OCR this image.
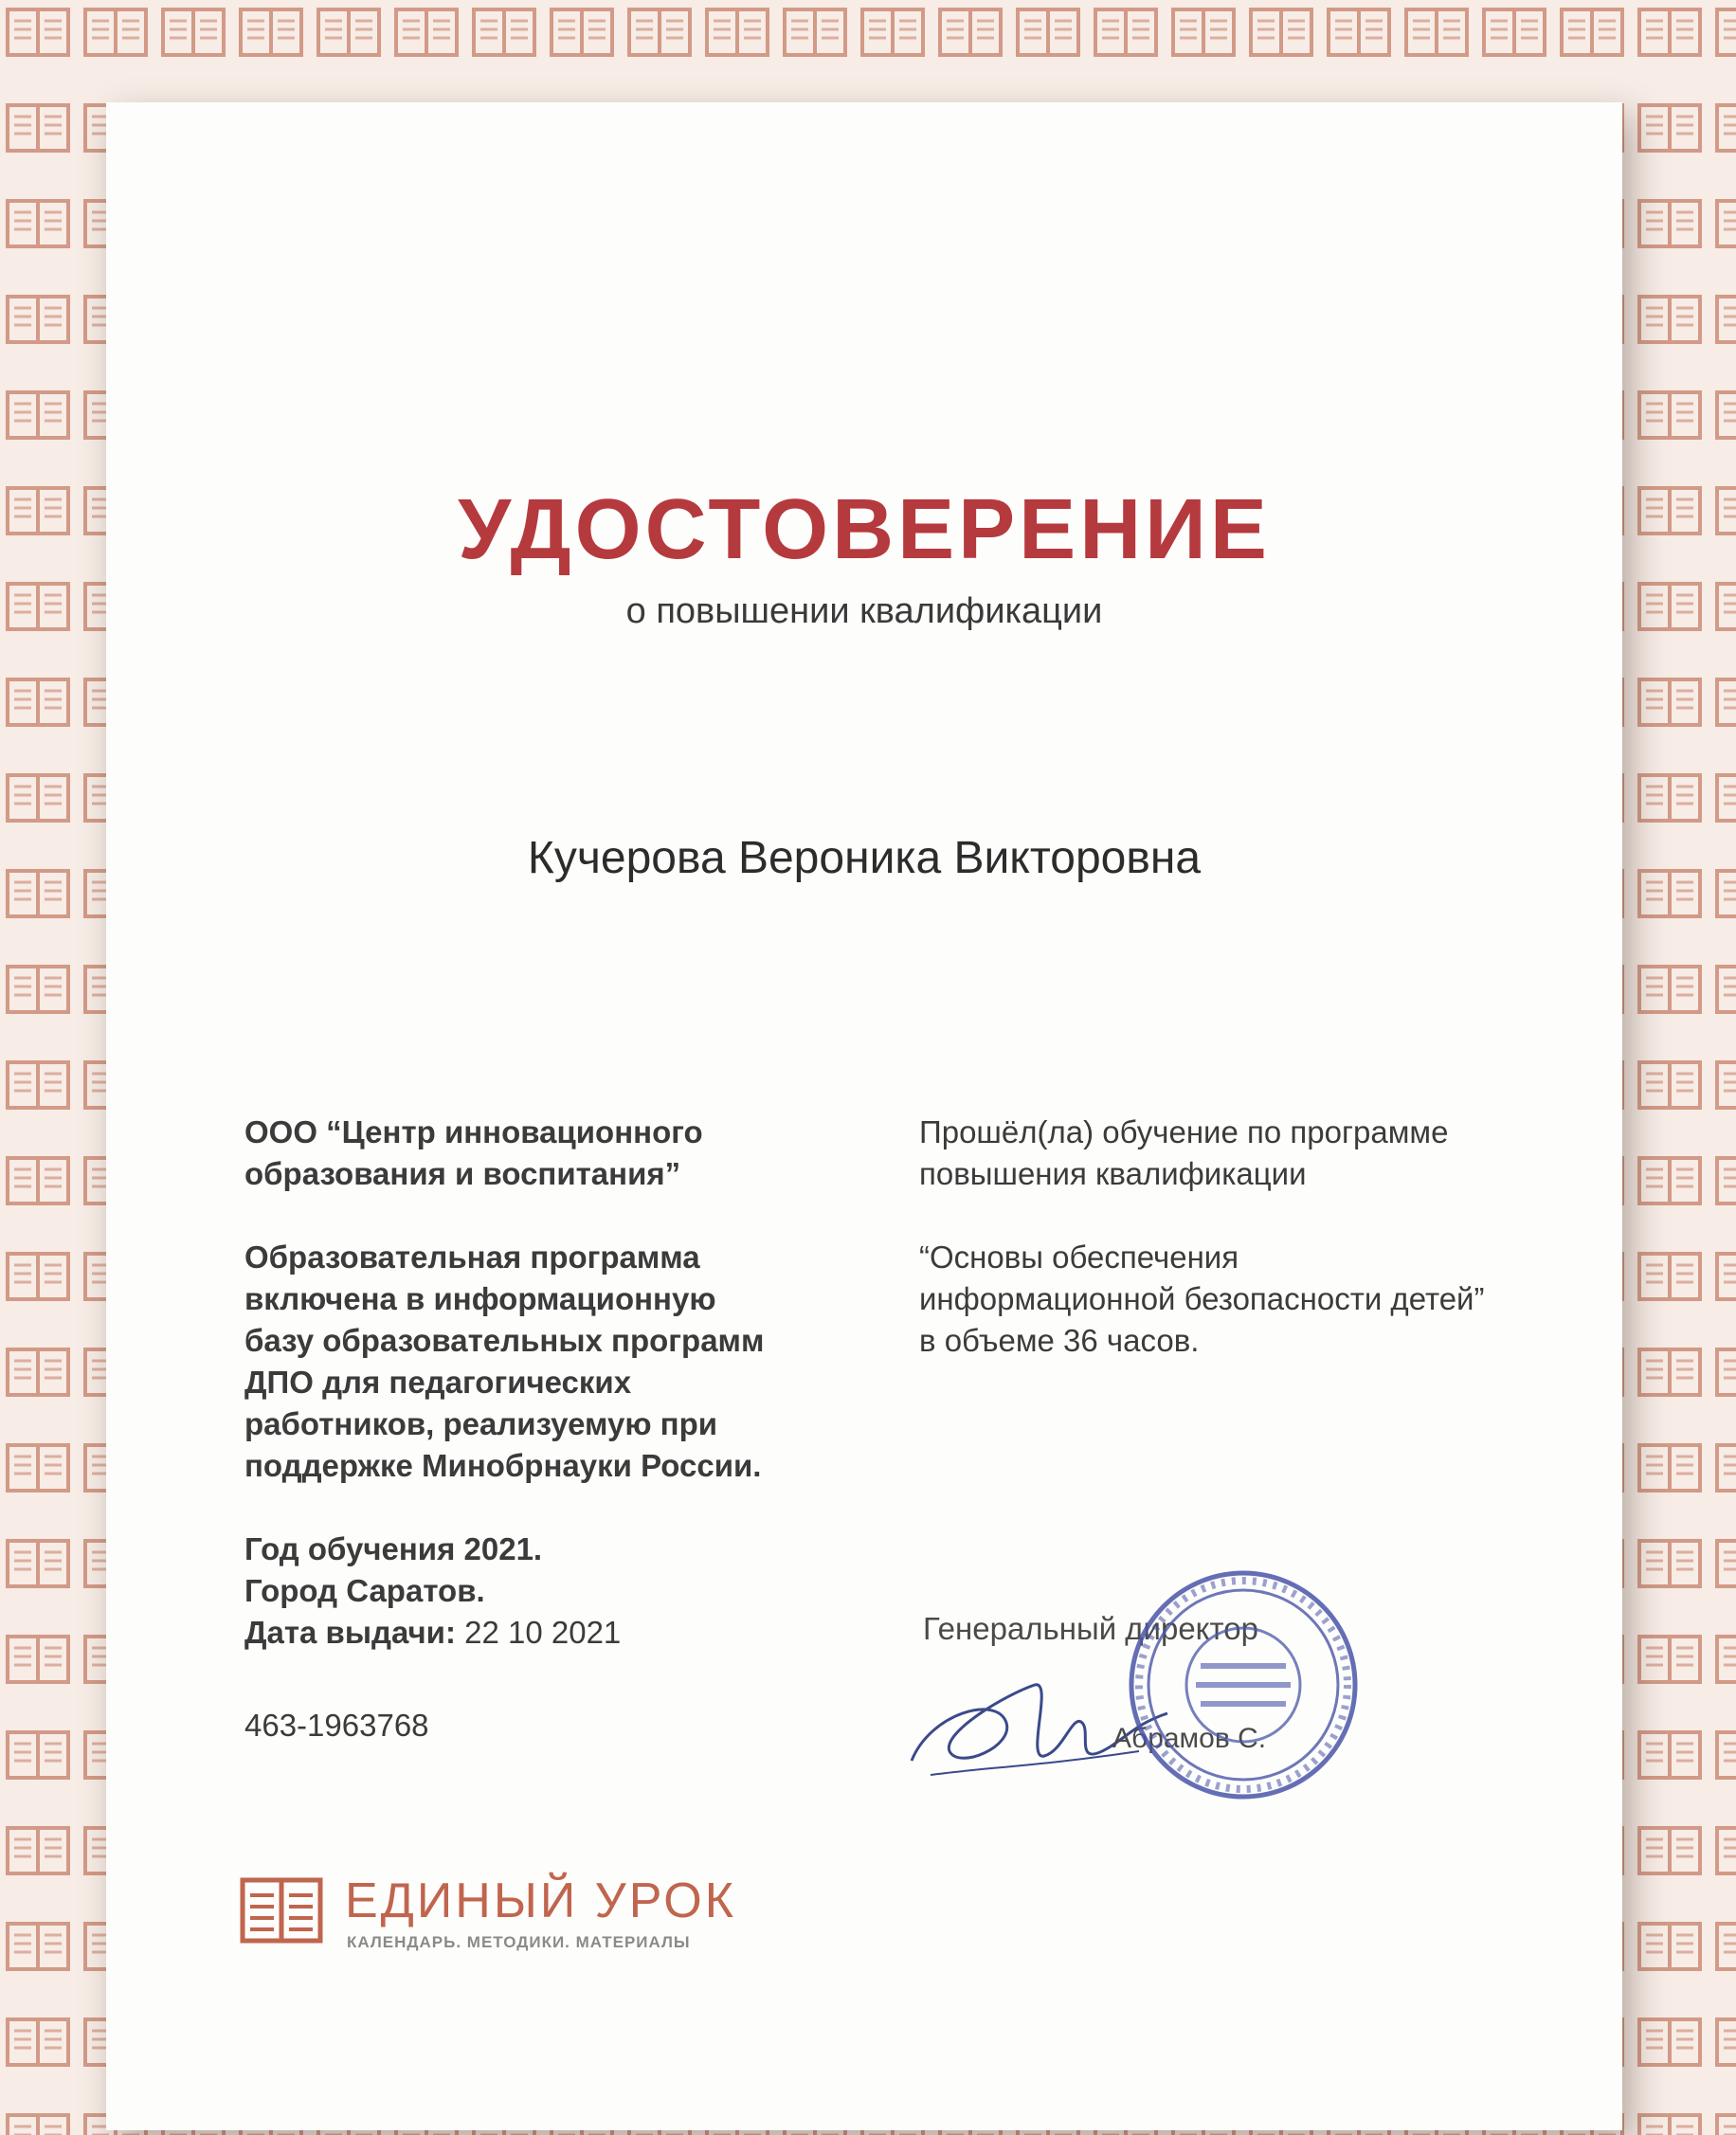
УДОСТОВЕРЕНИЕ

о повышении квалификации

Кучерова Вероника Викторовна

ООО “Центр инновационного
образования и воспитания”

Образовательная программа
включена в информационную
базу образовательных программ
ДПО для педагогических
работников, реализуемую при
поддержке Минобрнауки России.

Год обучения 2021.

Город Саратов.

Дата выдачи: 22 10 2021

463-1963768

Прошёл(ла) обучение по программе
повышения квалификации

“Основы обеспечения
информационной безопасности детей”
в объеме 36 часов.

Генеральный директор

Абрамов С.

ЕДИНЫЙ УРОК

КАЛЕНДАРЬ. МЕТОДИКИ. МАТЕРИАЛЫ
